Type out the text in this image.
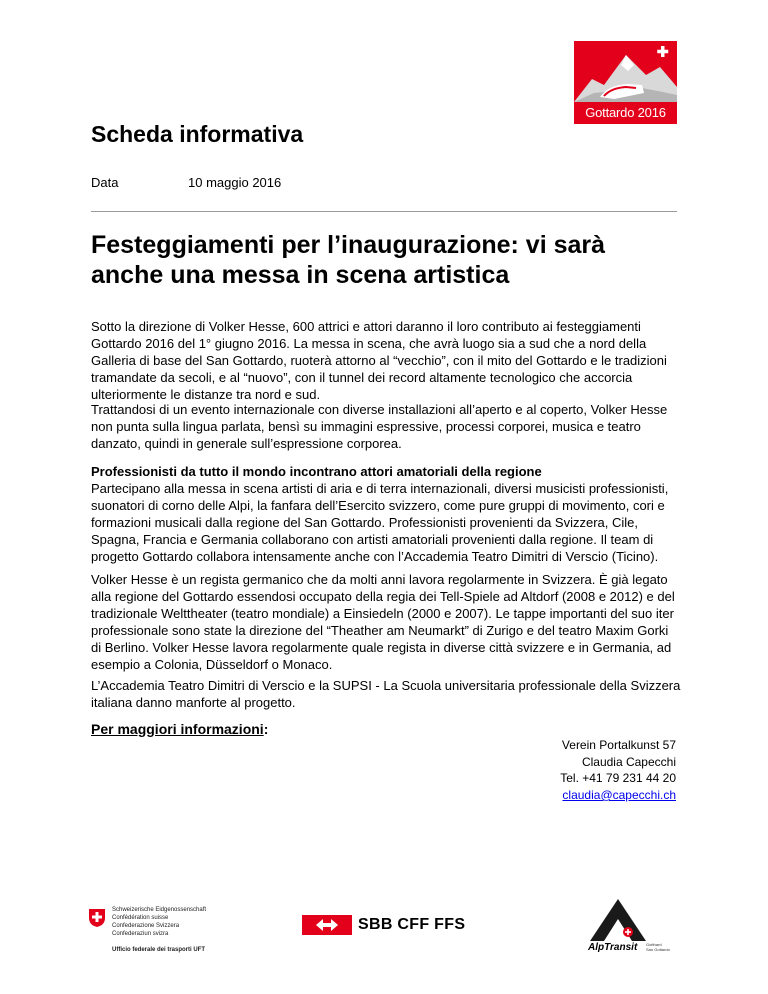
Gottardo 2016
Scheda informativa
Data	10 maggio 2016
Festeggiamenti per l’inaugurazione: vi sarà
anche una messa in scena artistica
Sotto la direzione di Volker Hesse, 600 attrici e attori daranno il loro contributo ai festeggiamenti Gottardo 2016 del 1° giugno 2016. La messa in scena, che avrà luogo sia a sud che a nord della Galleria di base del San Gottardo, ruoterà attorno al “vecchio”, con il mito del Gottardo e le tradizioni tramandate da secoli, e al “nuovo”, con il tunnel dei record altamente tecnologico che accorcia ulteriormente le distanze tra nord e sud.
Trattandosi di un evento internazionale con diverse installazioni all’aperto e al coperto, Volker Hesse non punta sulla lingua parlata, bensì su immagini espressive, processi corporei, musica e teatro danzato, quindi in generale sull’espressione corporea.
Professionisti da tutto il mondo incontrano attori amatoriali della regione
Partecipano alla messa in scena artisti di aria e di terra internazionali, diversi musicisti professionisti, suonatori di corno delle Alpi, la fanfara dell’Esercito svizzero, come pure gruppi di movimento, cori e formazioni musicali dalla regione del San Gottardo. Professionisti provenienti da Svizzera, Cile, Spagna, Francia e Germania collaborano con artisti amatoriali provenienti dalla regione. Il team di progetto Gottardo collabora intensamente anche con l’Accademia Teatro Dimitri di Verscio (Ticino).
Volker Hesse è un regista germanico che da molti anni lavora regolarmente in Svizzera. È già legato alla regione del Gottardo essendosi occupato della regia dei Tell-Spiele ad Altdorf (2008 e 2012) e del tradizionale Welttheater (teatro mondiale) a Einsiedeln (2000 e 2007). Le tappe importanti del suo iter professionale sono state la direzione del “Theather am Neumarkt” di Zurigo e del teatro Maxim Gorki di Berlino. Volker Hesse lavora regolarmente quale regista in diverse città svizzere e in Germania, ad esempio a Colonia, Düsseldorf o Monaco.
L’Accademia Teatro Dimitri di Verscio e la SUPSI - La Scuola universitaria professionale della Svizzera italiana danno manforte al progetto.
Per maggiori informazioni:
Verein Portalkunst 57
Claudia Capecchi
Tel. +41 79 231 44 20
claudia@capecchi.ch
Schweizerische Eidgenossenschaft
Confédération suisse
Confederazione Svizzera
Confederaziun svizra
Ufficio federale dei trasporti UFT
SBB CFF FFS
AlpTransit Gotthard
San Gottardo
